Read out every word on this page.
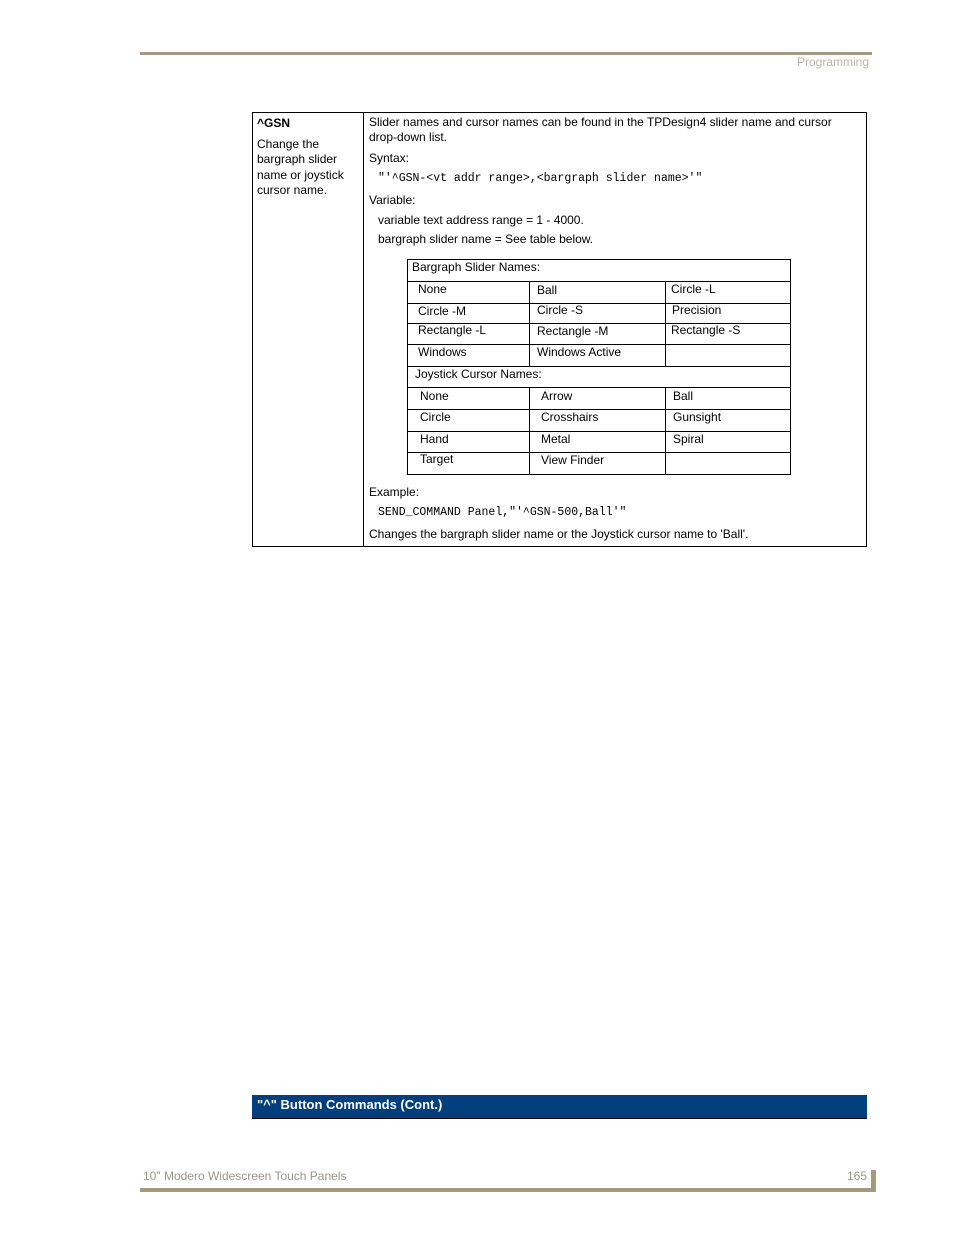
Programming
^GSN
Change the bargraph slider name or joystick cursor name.
Slider names and cursor names can be found in the TPDesign4 slider name and cursor
drop-down list.
Syntax:
"'^GSN-<vt addr range>,<bargraph slider name>'"
Variable:
variable text address range = 1 - 4000.
bargraph slider name = See table below.
Bargraph Slider Names:
None	Ball	Circle -L
Circle -M	Circle -S	Precision
Rectangle -L	Rectangle -M	Rectangle -S
Windows	Windows Active
Joystick Cursor Names:
None	Arrow	Ball
Circle	Crosshairs	Gunsight
Hand	Metal	Spiral
Target	View Finder
Example:
SEND_COMMAND Panel,"'^GSN-500,Ball'"
Changes the bargraph slider name or the Joystick cursor name to 'Ball'.
"^" Button Commands (Cont.)
10" Modero Widescreen Touch Panels	165
